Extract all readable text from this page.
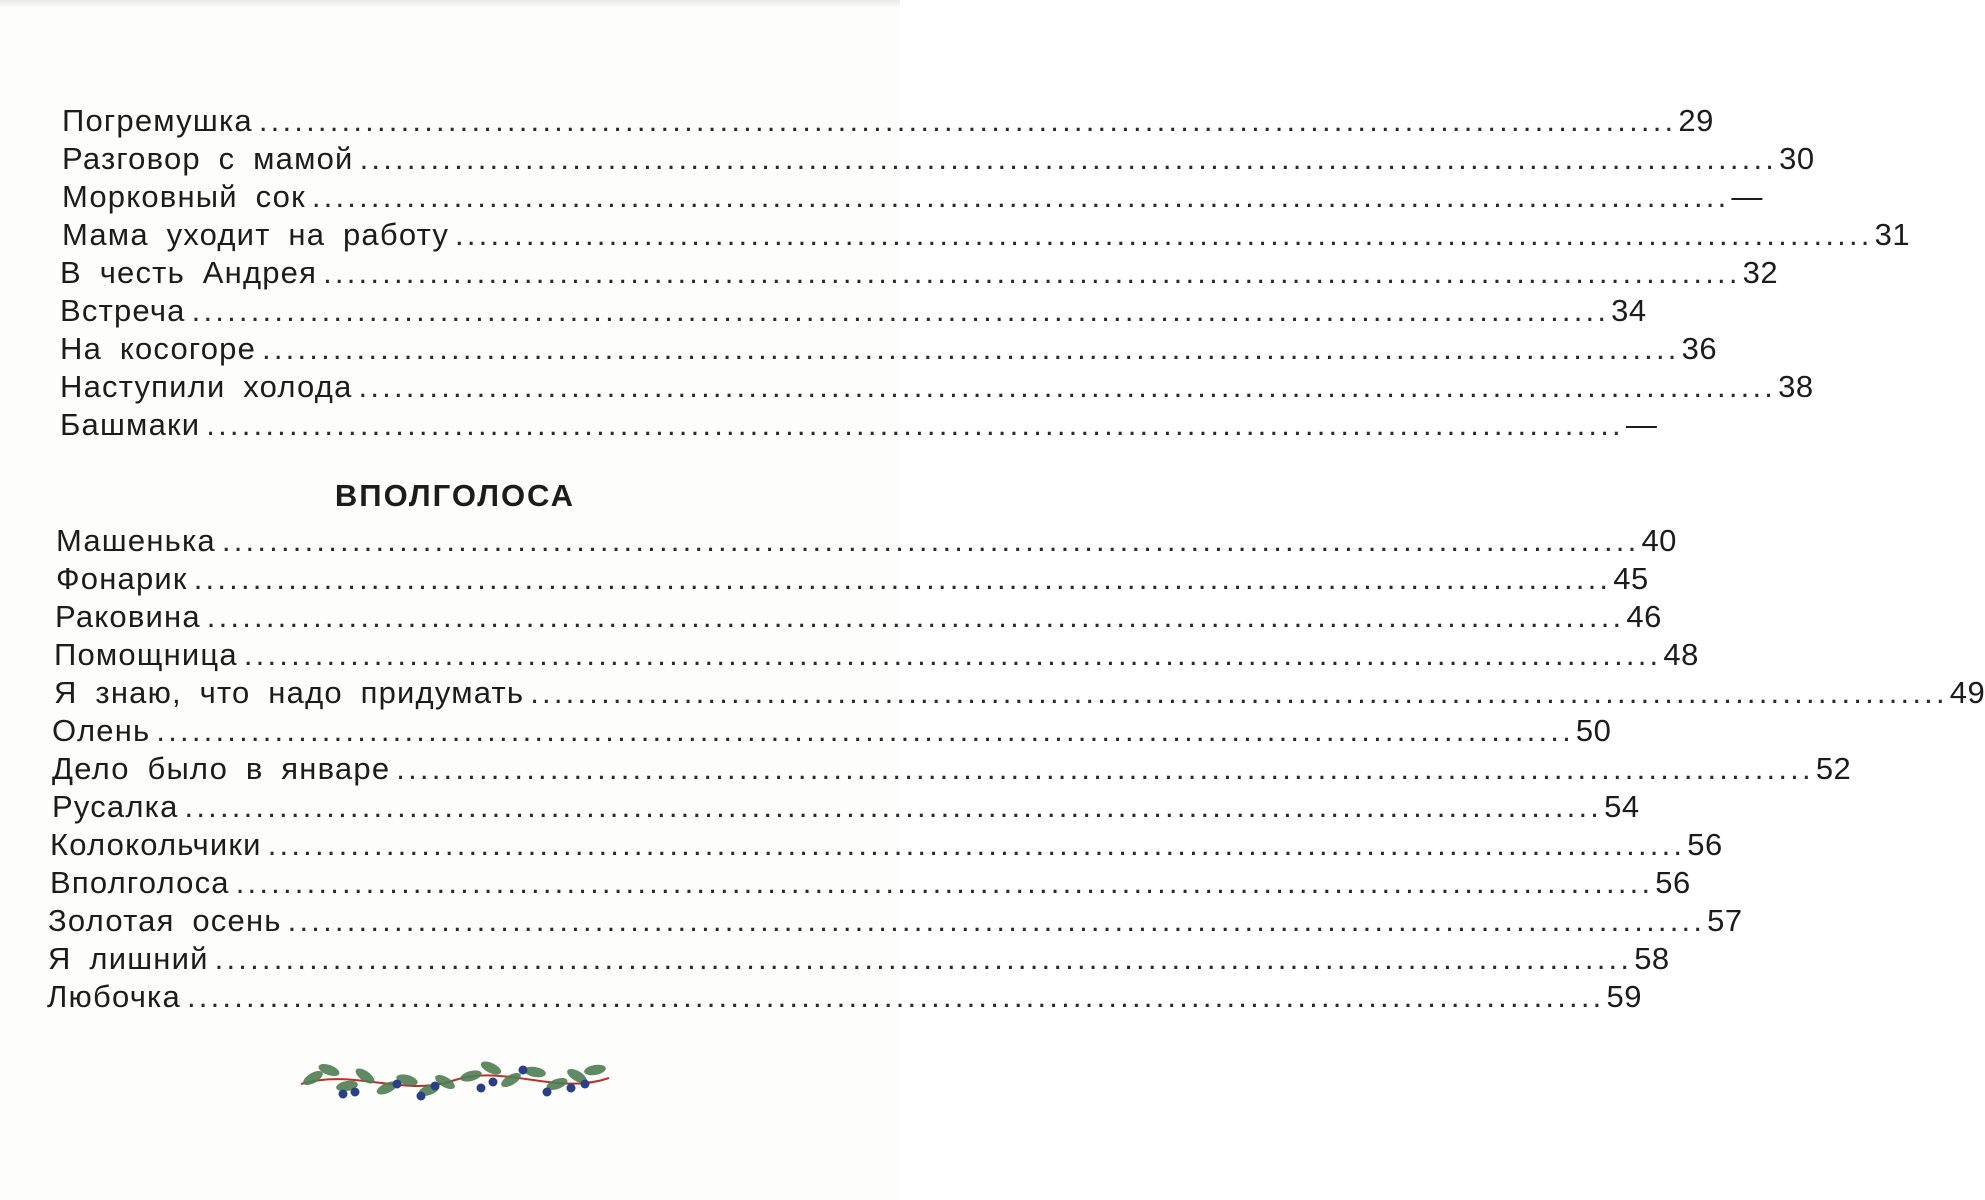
Погремушка ........................................................................................................................ 29
Разговор с мамой ........................................................................................................................ 30
Морковный сок ........................................................................................................................ —
Мама уходит на работу ........................................................................................................................ 31
В честь Андрея ........................................................................................................................ 32
Встреча ........................................................................................................................ 34
На косогоре ........................................................................................................................ 36
Наступили холода ........................................................................................................................ 38
Башмаки ........................................................................................................................ —
ВПОЛГОЛОСА
Машенька ........................................................................................................................ 40
Фонарик ........................................................................................................................ 45
Раковина ........................................................................................................................ 46
Помощница ........................................................................................................................ 48
Я знаю, что надо придумать ........................................................................................................................ 49
Олень ........................................................................................................................ 50
Дело было в январе ........................................................................................................................ 52
Русалка ........................................................................................................................ 54
Колокольчики ........................................................................................................................ 56
Вполголоса ........................................................................................................................ 56
Золотая осень ........................................................................................................................ 57
Я лишний ........................................................................................................................ 58
Любочка ........................................................................................................................ 59
